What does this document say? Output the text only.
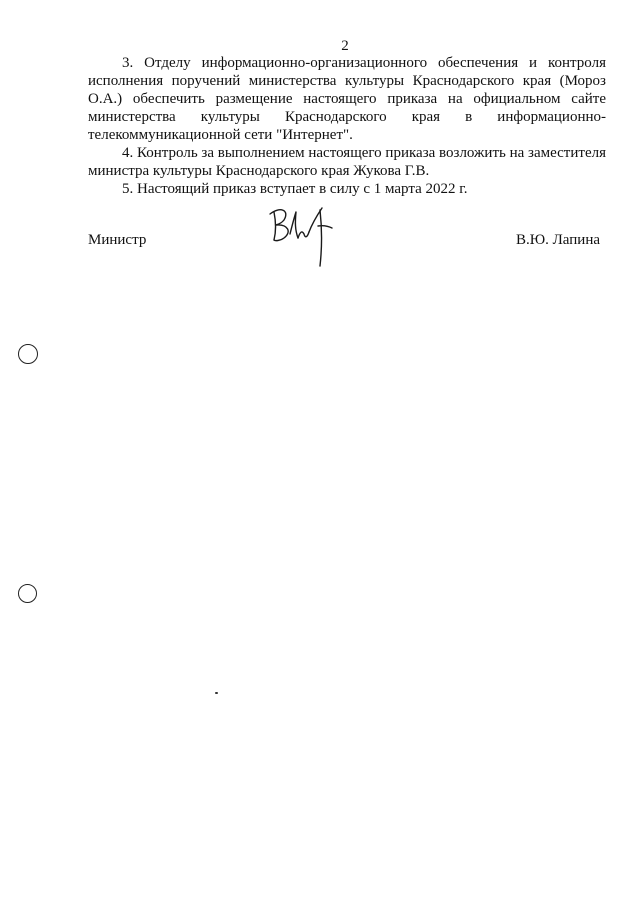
2

3. Отделу информационно-организационного обеспечения и контроля исполнения поручений министерства культуры Краснодарского края (Мороз О.А.) обеспечить размещение настоящего приказа на официальном сайте министерства культуры Краснодарского края в информационно-телекоммуникационной сети "Интернет".

4. Контроль за выполнением настоящего приказа возложить на заместителя министра культуры Краснодарского края Жукова Г.В.

5. Настоящий приказ вступает в силу с 1 марта 2022 г.

Министр	В.Ю. Лапина
